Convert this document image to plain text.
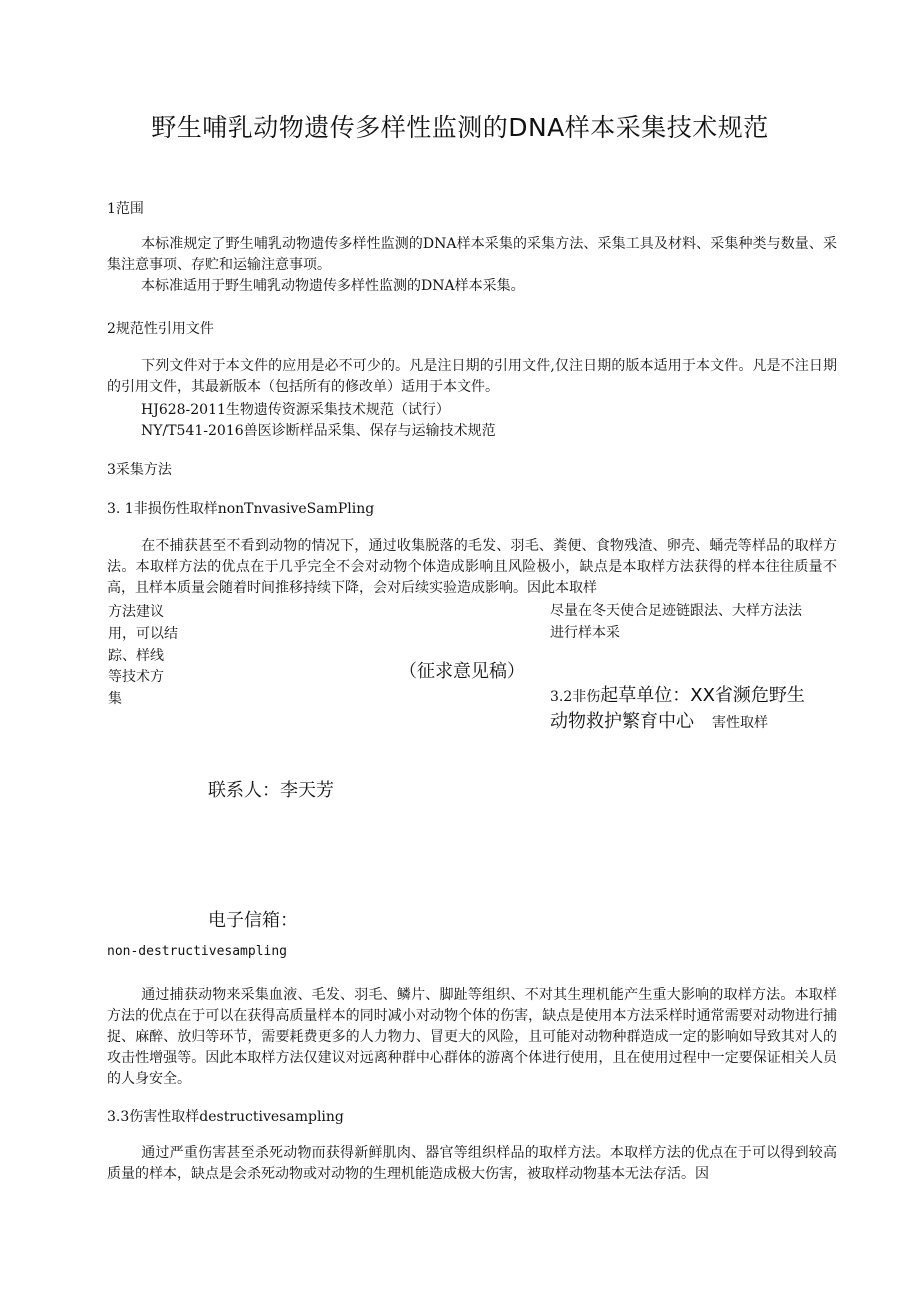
野生哺乳动物遗传多样性监测的DNA样本采集技术规范
1范围
本标准规定了野生哺乳动物遗传多样性监测的DNA样本采集的采集方法、采集工具及材料、采集种类与数量、采集注意事项、存贮和运输注意事项。
本标准适用于野生哺乳动物遗传多样性监测的DNA样本采集。
2规范性引用文件
下列文件对于本文件的应用是必不可少的。凡是注日期的引用文件,仅注日期的版本适用于本文件。凡是不注日期的引用文件，其最新版本（包括所有的修改单）适用于本文件。
HJ628-2011生物遗传资源采集技术规范（试行）
NY/T541-2016兽医诊断样品采集、保存与运输技术规范
3采集方法
3. 1非损伤性取样nonTnvasiveSamPling
在不捕获甚至不看到动物的情况下，通过收集脱落的毛发、羽毛、粪便、食物残渣、卵壳、蛹壳等样品的取样方法。本取样方法的优点在于几乎完全不会对动物个体造成影响且风险极小，缺点是本取样方法获得的样本往往质量不高，且样本质量会随着时间推移持续下降，会对后续实验造成影响。因此本取样
方法建议
用，可以结
踪、样线
等技术方
集
尽量在冬天使合足迹链跟法、大样方法法
进行样本采
（征求意见稿）
3.2非伤起草单位：XX省濒危野生
动物救护繁育中心 害性取样
联系人：李天芳
电子信箱：
non-destructivesampling
通过捕获动物来采集血液、毛发、羽毛、鳞片、脚趾等组织、不对其生理机能产生重大影响的取样方法。本取样方法的优点在于可以在获得高质量样本的同时减小对动物个体的伤害，缺点是使用本方法采样时通常需要对动物进行捕捉、麻醉、放归等环节，需要耗费更多的人力物力、冒更大的风险，且可能对动物种群造成一定的影响如导致其对人的攻击性增强等。因此本取样方法仅建议对远离种群中心群体的游离个体进行使用，且在使用过程中一定要保证相关人员的人身安全。
3.3伤害性取样destructivesampling
通过严重伤害甚至杀死动物而获得新鲜肌肉、器官等组织样品的取样方法。本取样方法的优点在于可以得到较高质量的样本，缺点是会杀死动物或对动物的生理机能造成极大伤害，被取样动物基本无法存活。因
